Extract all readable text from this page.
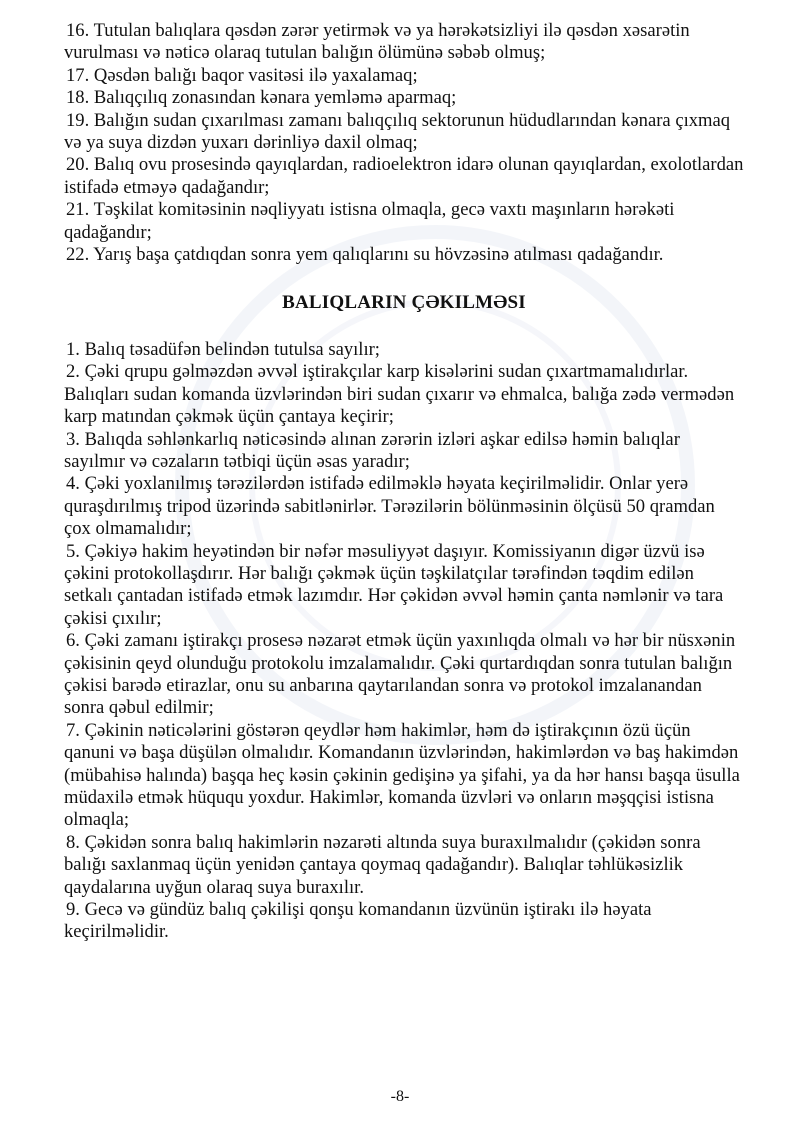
16. Tutulan balıqlara qəsdən zərər yetirmək və ya hərəkətsizliyi ilə qəsdən xəsarətin vurulması və nəticə olaraq tutulan balığın ölümünə səbəb olmuş;

17. Qəsdən balığı baqor vasitəsi ilə yaxalamaq;

18. Balıqçılıq zonasından kənara yemləmə aparmaq;

19. Balığın sudan çıxarılması zamanı balıqçılıq sektorunun hüdudlarından kənara çıxmaq və ya suya dizdən yuxarı dərinliyə daxil olmaq;

20. Balıq ovu prosesində qayıqlardan, radioelektron idarə olunan qayıqlardan, exolotlardan istifadə etməyə qadağandır;

21. Təşkilat komitəsinin nəqliyyatı istisna olmaqla, gecə vaxtı maşınların hərəkəti qadağandır;

22. Yarış başa çatdıqdan sonra yem qalıqlarını su hövzəsinə atılması qadağandır.

BALIQLARIN ÇƏKILMƏSI

1. Balıq təsadüfən belindən tutulsa sayılır;

2. Çəki qrupu gəlməzdən əvvəl iştirakçılar karp kisələrini sudan çıxartmamalıdırlar. Balıqları sudan komanda üzvlərindən biri sudan çıxarır və ehmalca, balığa zədə vermədən karp matından çəkmək üçün çantaya keçirir;

3. Balıqda səhlənkarlıq nəticəsində alınan zərərin izləri aşkar edilsə həmin balıqlar sayılmır və cəzaların tətbiqi üçün əsas yaradır;

4. Çəki yoxlanılmış tərəzilərdən istifadə edilməklə həyata keçirilməlidir. Onlar yerə quraşdırılmış tripod üzərində sabitlənirlər. Tərəzilərin bölünməsinin ölçüsü 50 qramdan çox olmamalıdır;

5. Çəkiyə hakim heyətindən bir nəfər məsuliyyət daşıyır. Komissiyanın digər üzvü isə çəkini protokollaşdırır. Hər balığı çəkmək üçün təşkilatçılar tərəfindən təqdim edilən setkalı çantadan istifadə etmək lazımdır. Hər çəkidən əvvəl həmin çanta nəmlənir və tara çəkisi çıxılır;

6. Çəki zamanı iştirakçı prosesə nəzarət etmək üçün yaxınlıqda olmalı və hər bir nüsxənin çəkisinin qeyd olunduğu protokolu imzalamalıdır. Çəki qurtardıqdan sonra tutulan balığın çəkisi barədə etirazlar, onu su anbarına qaytarılandan sonra və protokol imzalanandan sonra qəbul edilmir;

7. Çəkinin nəticələrini göstərən qeydlər həm hakimlər, həm də iştirakçının özü üçün qanuni və başa düşülən olmalıdır. Komandanın üzvlərindən, hakimlərdən və baş hakimdən (mübahisə halında) başqa heç kəsin çəkinin gedişinə ya şifahi, ya da hər hansı başqa üsulla müdaxilə etmək hüququ yoxdur. Hakimlər, komanda üzvləri və onların məşqçisi istisna olmaqla;

8. Çəkidən sonra balıq hakimlərin nəzarəti altında suya buraxılmalıdır (çəkidən sonra balığı saxlanmaq üçün yenidən çantaya qoymaq qadağandır). Balıqlar təhlükəsizlik qaydalarına uyğun olaraq suya buraxılır.

9. Gecə və gündüz balıq çəkilişi qonşu komandanın üzvünün iştirakı ilə həyata keçirilməlidir.

-8-
